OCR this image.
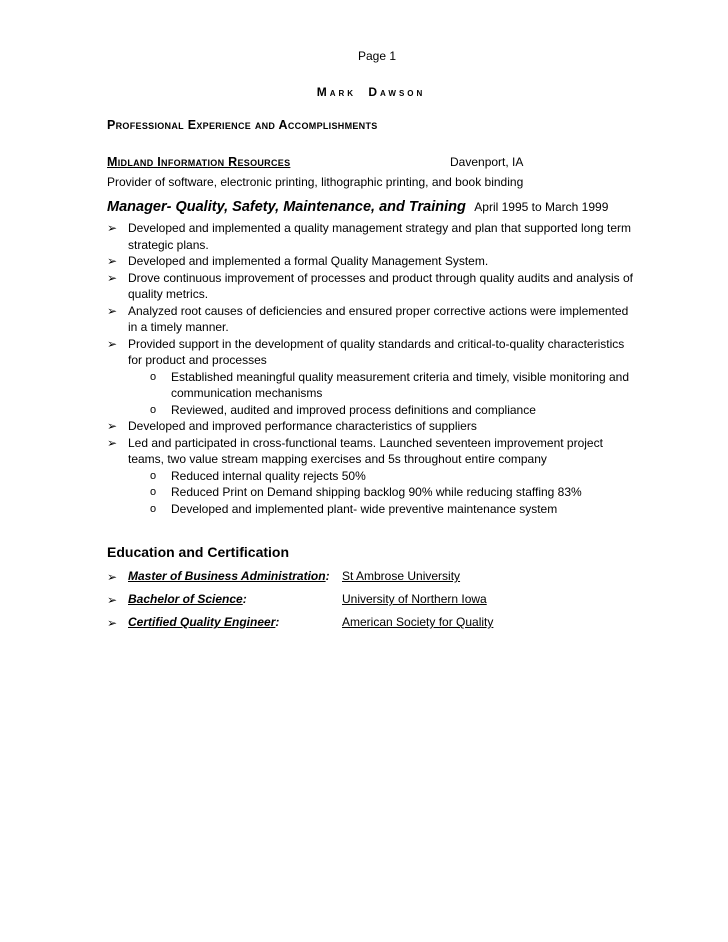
Page 1
Mark Dawson
Professional Experience and Accomplishments
Midland Information Resources	Davenport, IA
Provider of software, electronic printing, lithographic printing, and book binding
Manager- Quality, Safety, Maintenance, and Training April 1995 to March 1999
➢ Developed and implemented a quality management strategy and plan that supported long term strategic plans.
➢ Developed and implemented a formal Quality Management System.
➢ Drove continuous improvement of processes and product through quality audits and analysis of quality metrics.
➢ Analyzed root causes of deficiencies and ensured proper corrective actions were implemented in a timely manner.
➢ Provided support in the development of quality standards and critical-to-quality characteristics for product and processes
o Established meaningful quality measurement criteria and timely, visible monitoring and communication mechanisms
o Reviewed, audited and improved process definitions and compliance
➢ Developed and improved performance characteristics of suppliers
➢ Led and participated in cross-functional teams. Launched seventeen improvement project teams, two value stream mapping exercises and 5s throughout entire company
o Reduced internal quality rejects 50%
o Reduced Print on Demand shipping backlog 90% while reducing staffing 83%
o Developed and implemented plant- wide preventive maintenance system
Education and Certification
➢ Master of Business Administration: St Ambrose University
➢ Bachelor of Science:	University of Northern Iowa
➢ Certified Quality Engineer:	American Society for Quality
